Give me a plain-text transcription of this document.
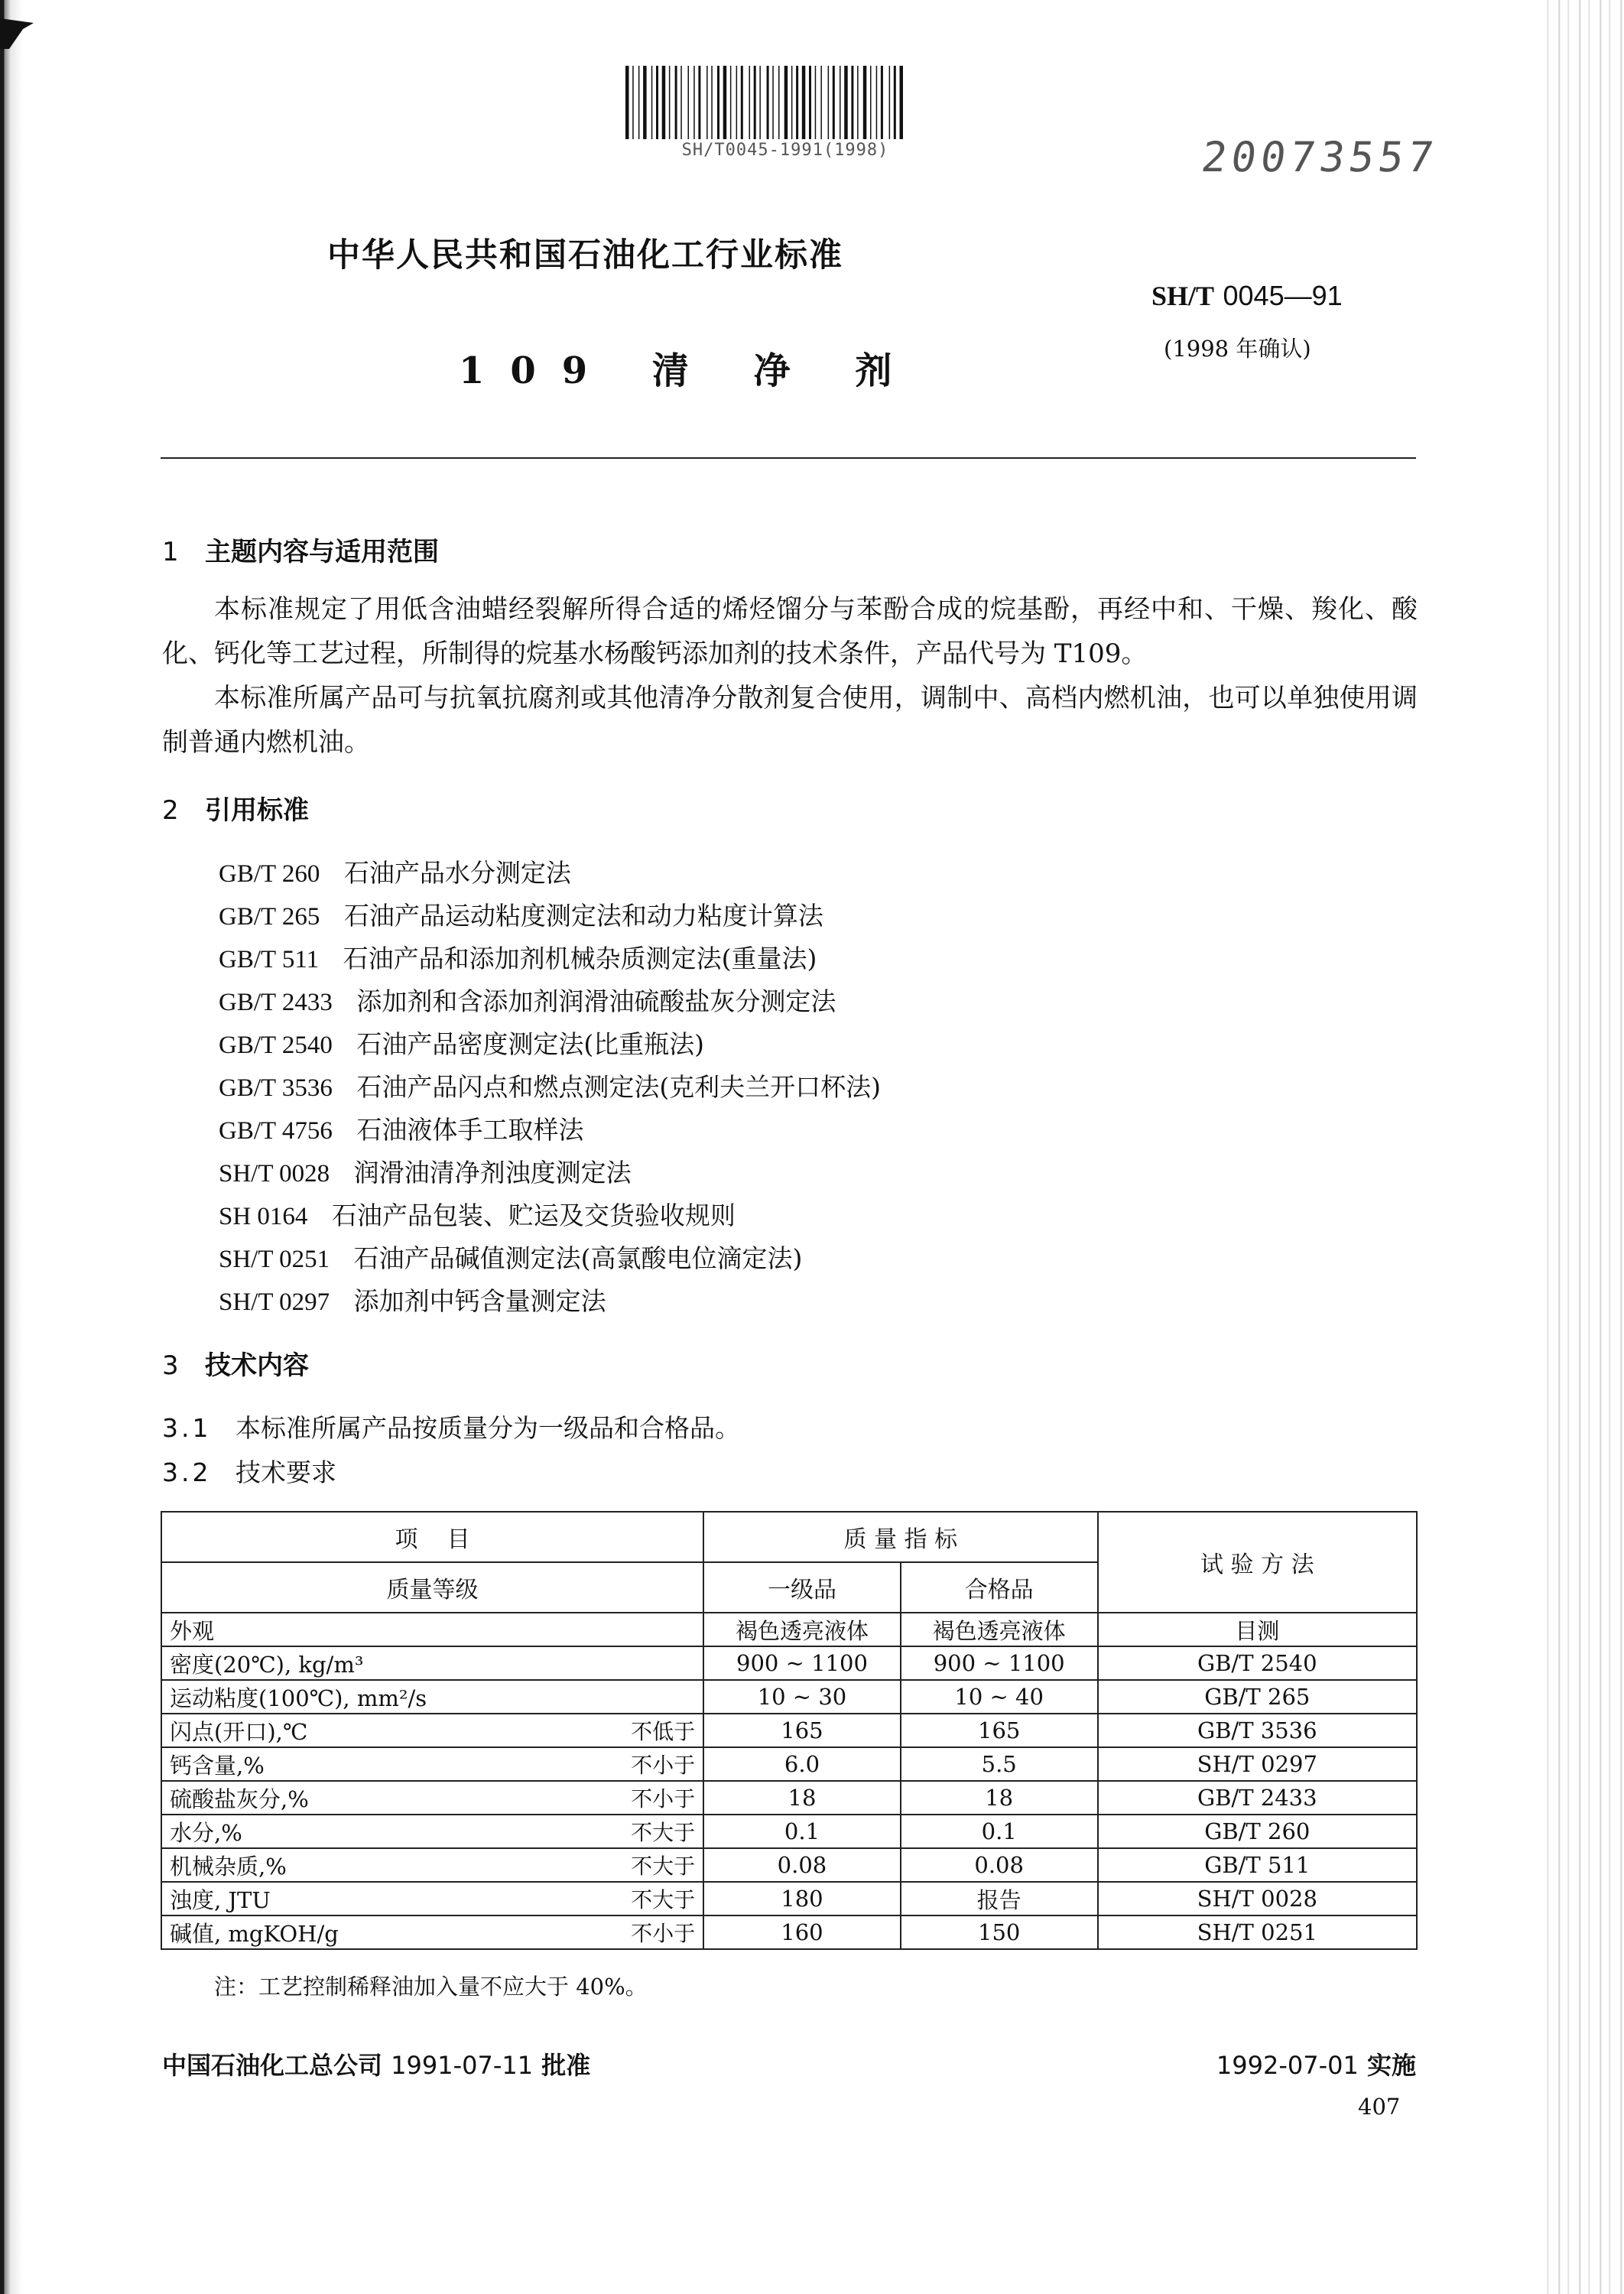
SH/T0045-1991(1998)	20073557
中华人民共和国石油化工行业标准
SH/T 0045—91
(1998 年确认)
109 清 净 剂
1 主题内容与适用范围

本标准规定了用低含油蜡经裂解所得合适的烯烃馏分与苯酚合成的烷基酚，再经中和、干燥、羧化、酸化、钙化等工艺过程，所制得的烷基水杨酸钙添加剂的技术条件，产品代号为 T109。

本标准所属产品可与抗氧抗腐剂或其他清净分散剂复合使用，调制中、高档内燃机油，也可以单独使用调制普通内燃机油。

2 引用标准
GB/T 260 石油产品水分测定法
GB/T 265 石油产品运动粘度测定法和动力粘度计算法
GB/T 511 石油产品和添加剂机械杂质测定法(重量法)
GB/T 2433 添加剂和含添加剂润滑油硫酸盐灰分测定法
GB/T 2540 石油产品密度测定法(比重瓶法)
GB/T 3536 石油产品闪点和燃点测定法(克利夫兰开口杯法)
GB/T 4756 石油液体手工取样法
SH/T 0028 润滑油清净剂浊度测定法
SH 0164 石油产品包装、贮运及交货验收规则
SH/T 0251 石油产品碱值测定法(高氯酸电位滴定法)
SH/T 0297 添加剂中钙含量测定法
3 技术内容
3.1 本标准所属产品按质量分为一级品和合格品。
3.2 技术要求
项    目	质 量 指 标		试 验 方 法
质量等级	一级品	合格品	

外观	褐色透亮液体	褐色透亮液体	目测

密度(20℃), kg/m³	900 ~ 1100	900 ~ 1100	GB/T 2540

运动粘度(100℃), mm²/s	10 ~ 30	10 ~ 40	GB/T 265

闪点(开口),℃ 不低于	165	165	GB/T 3536

钙含量,% 不小于	6.0	5.5	SH/T 0297

硫酸盐灰分,% 不小于	18	18	GB/T 2433

水分,% 不大于	0.1	0.1	GB/T 260

机械杂质,% 不大于	0.08	0.08	GB/T 511

浊度, JTU 不大于	180	报告	SH/T 0028

碱值, mgKOH/g 不小于	160	150	SH/T 0251
注：工艺控制稀释油加入量不应大于 40%。
中国石油化工总公司 1991-07-11 批准	1992-07-01 实施
407
